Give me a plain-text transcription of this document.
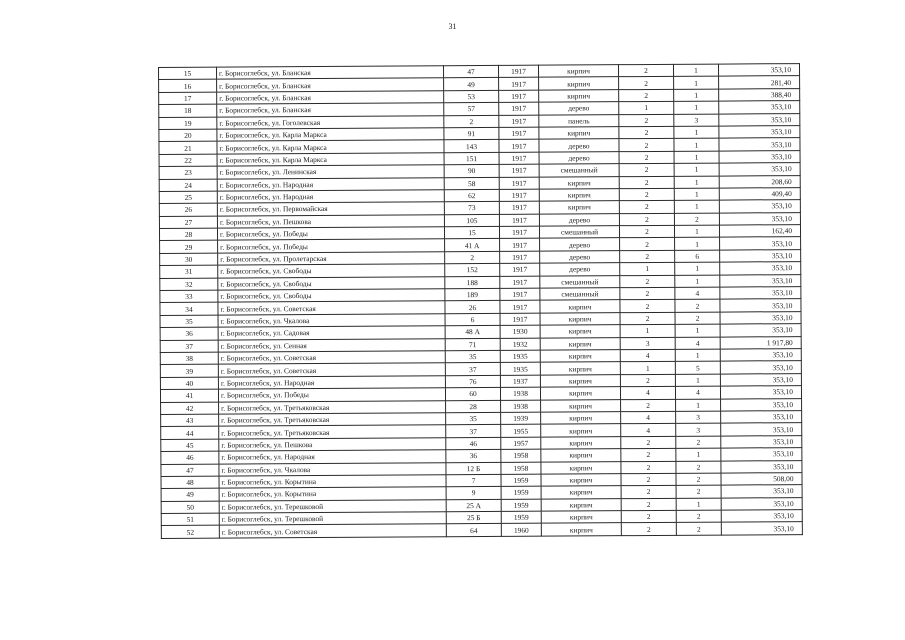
31
15	г. Борисоглебск, ул. Бланская	47	1917	кирпич	2	1	353,10
16	г. Борисоглебск, ул. Бланская	49	1917	кирпич	2	1	281,40
17	г. Борисоглебск, ул. Бланская	53	1917	кирпич	2	1	388,40
18	г. Борисоглебск, ул. Бланская	57	1917	дерево	1	1	353,10
19	г. Борисоглебск, ул. Гоголевская	2	1917	панель	2	3	353,10
20	г. Борисоглебск, ул. Карла Маркса	91	1917	кирпич	2	1	353,10
21	г. Борисоглебск, ул. Карла Маркса	143	1917	дерево	2	1	353,10
22	г. Борисоглебск, ул. Карла Маркса	151	1917	дерево	2	1	353,10
23	г. Борисоглебск, ул. Ленинская	90	1917	смешанный	2	1	353,10
24	г. Борисоглебск, ул. Народная	58	1917	кирпич	2	1	208,60
25	г. Борисоглебск, ул. Народная	62	1917	кирпич	2	1	409,40
26	г. Борисоглебск, ул. Первомайская	73	1917	кирпич	2	1	353,10
27	г. Борисоглебск, ул. Пешкова	105	1917	дерево	2	2	353,10
28	г. Борисоглебск, ул. Победы	15	1917	смешанный	2	1	162,40
29	г. Борисоглебск, ул. Победы	41 А	1917	дерево	2	1	353,10
30	г. Борисоглебск, ул. Пролетарская	2	1917	дерево	2	6	353,10
31	г. Борисоглебск, ул. Свободы	152	1917	дерево	1	1	353,10
32	г. Борисоглебск, ул. Свободы	188	1917	смешанный	2	1	353,10
33	г. Борисоглебск, ул. Свободы	189	1917	смешанный	2	4	353,10
34	г. Борисоглебск, ул. Советская	26	1917	кирпич	2	2	353,10
35	г. Борисоглебск, ул. Чкалова	6	1917	кирпич	2	2	353,10
36	г. Борисоглебск, ул. Садовая	48 А	1930	кирпич	1	1	353,10
37	г. Борисоглебск, ул. Сенная	71	1932	кирпич	3	4	1 917,80
38	г. Борисоглебск, ул. Советская	35	1935	кирпич	4	1	353,10
39	г. Борисоглебск, ул. Советская	37	1935	кирпич	1	5	353,10
40	г. Борисоглебск, ул. Народная	76	1937	кирпич	2	1	353,10
41	г. Борисоглебск, ул. Победы	60	1938	кирпич	4	4	353,10
42	г. Борисоглебск, ул. Третьяковская	28	1938	кирпич	2	1	353,10
43	г. Борисоглебск, ул. Третьяковская	35	1939	кирпич	4	3	353,10
44	г. Борисоглебск, ул. Третьяковская	37	1955	кирпич	4	3	353,10
45	г. Борисоглебск, ул. Пешкова	46	1957	кирпич	2	2	353,10
46	г. Борисоглебск, ул. Народная	36	1958	кирпич	2	1	353,10
47	г. Борисоглебск, ул. Чкалова	12 Б	1958	кирпич	2	2	353,10
48	г. Борисоглебск, ул. Корытина	7	1959	кирпич	2	2	508,00
49	г. Борисоглебск, ул. Корытина	9	1959	кирпич	2	2	353,10
50	г. Борисоглебск, ул. Терешковой	25 А	1959	кирпич	2	1	353,10
51	г. Борисоглебск, ул. Терешковой	25 Б	1959	кирпич	2	2	353,10
52	г. Борисоглебск, ул. Советская	64	1960	кирпич	2	2	353,10
